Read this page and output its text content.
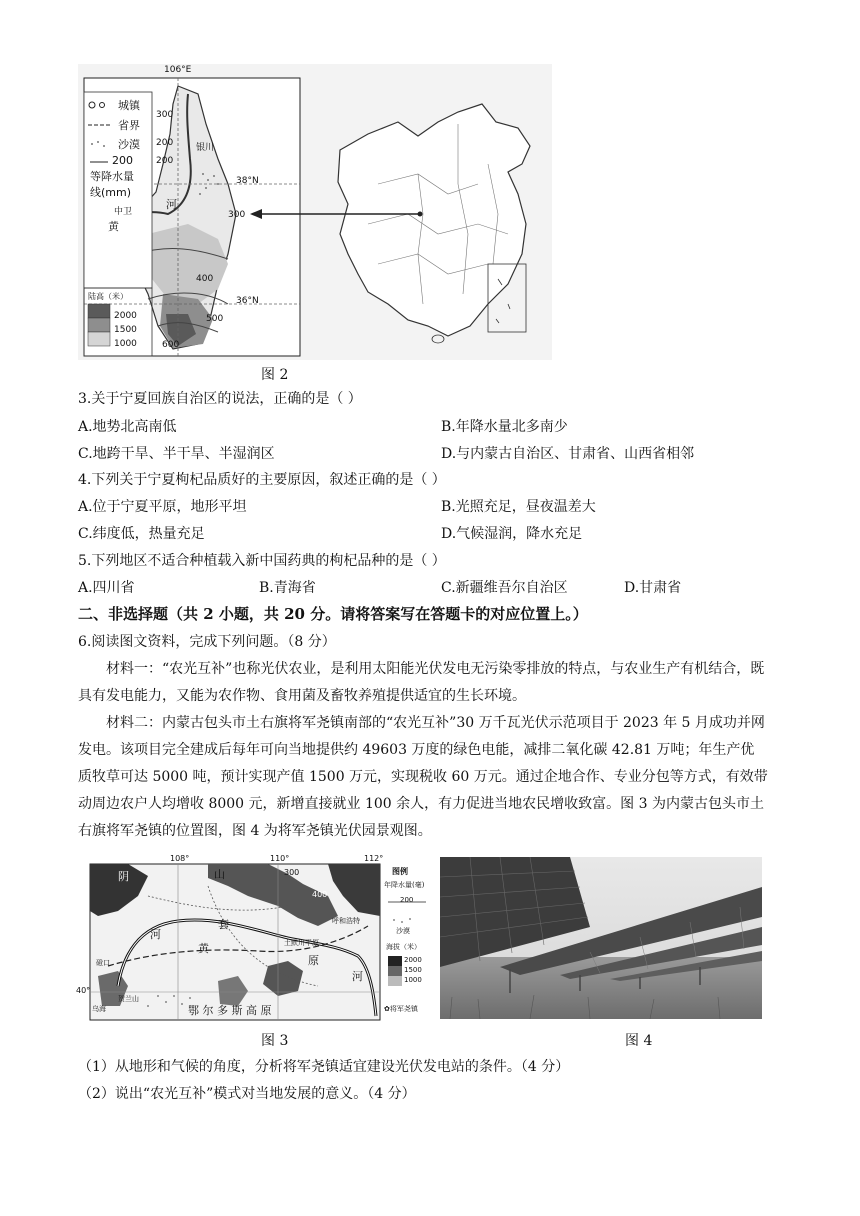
106°E
38°N
36°N
城镇
省界
沙漠
200
等降水量
线(mm)
陆高（米）
2000
1500
1000
银川
中卫
黄
河
300
200
200
300
400
500
600
图 2
3.关于宁夏回族自治区的说法，正确的是（ ）
A.地势北高南低	B.年降水量北多南少
C.地跨干旱、半干旱、半湿润区	D.与内蒙古自治区、甘肃省、山西省相邻
4.下列关于宁夏枸杞品质好的主要原因，叙述正确的是（ ）
A.位于宁夏平原，地形平坦	B.光照充足，昼夜温差大
C.纬度低，热量充足	D.气候湿润，降水充足
5.下列地区不适合种植载入新中国药典的枸杞品种的是（ ）
A.四川省	B.青海省	C.新疆维吾尔自治区	D.甘肃省
二、非选择题（共 2 小题，共 20 分。请将答案写在答题卡的对应位置上。）
6.阅读图文资料，完成下列问题。（8 分）
材料一：“农光互补”也称光伏农业，是利用太阳能光伏发电无污染零排放的特点，与农业生产有机结合，既具有发电能力，又能为农作物、食用菌及畜牧养殖提供适宜的生长环境。
材料二：内蒙古包头市土右旗将军尧镇南部的“农光互补”30 万千瓦光伏示范项目于 2023 年 5 月成功并网发电。该项目完全建成后每年可向当地提供约 49603 万度的绿色电能，减排二氧化碳 42.81 万吨；年生产优质牧草可达 5000 吨，预计实现产值 1500 万元，实现税收 60 万元。通过企地合作、专业分包等方式，有效带动周边农户人均增收 8000 元，新增直接就业 100 余人，有力促进当地农民增收致富。图 3 为内蒙古包头市土右旗将军尧镇的位置图，图 4 为将军尧镇光伏园景观图。
108°	110°	112°
40°
阴	山	300
400
河
黄
套
原
河
呼和浩特
土默川平原
磴口
乌海
贺兰山
鄂 尔 多 斯 高 原
图例
年降水量(毫)
200
沙漠
海拔（米）
2000
1500
1000
✿将军尧镇
图 3	图 4
（1）从地形和气候的角度，分析将军尧镇适宜建设光伏发电站的条件。（4 分）
（2）说出“农光互补”模式对当地发展的意义。（4 分）
